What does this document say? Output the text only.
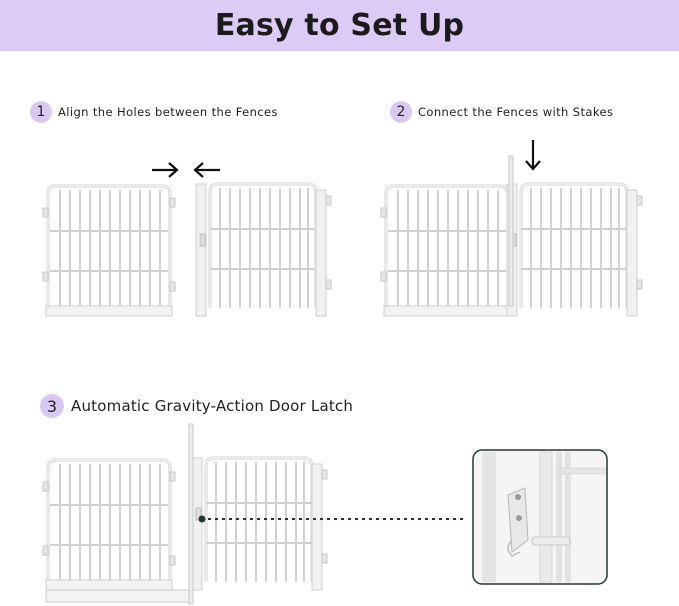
Easy to Set Up
1	Align the Holes between the Fences	2	Connect the Fences with Stakes
3 Automatic Gravity-Action Door Latch
